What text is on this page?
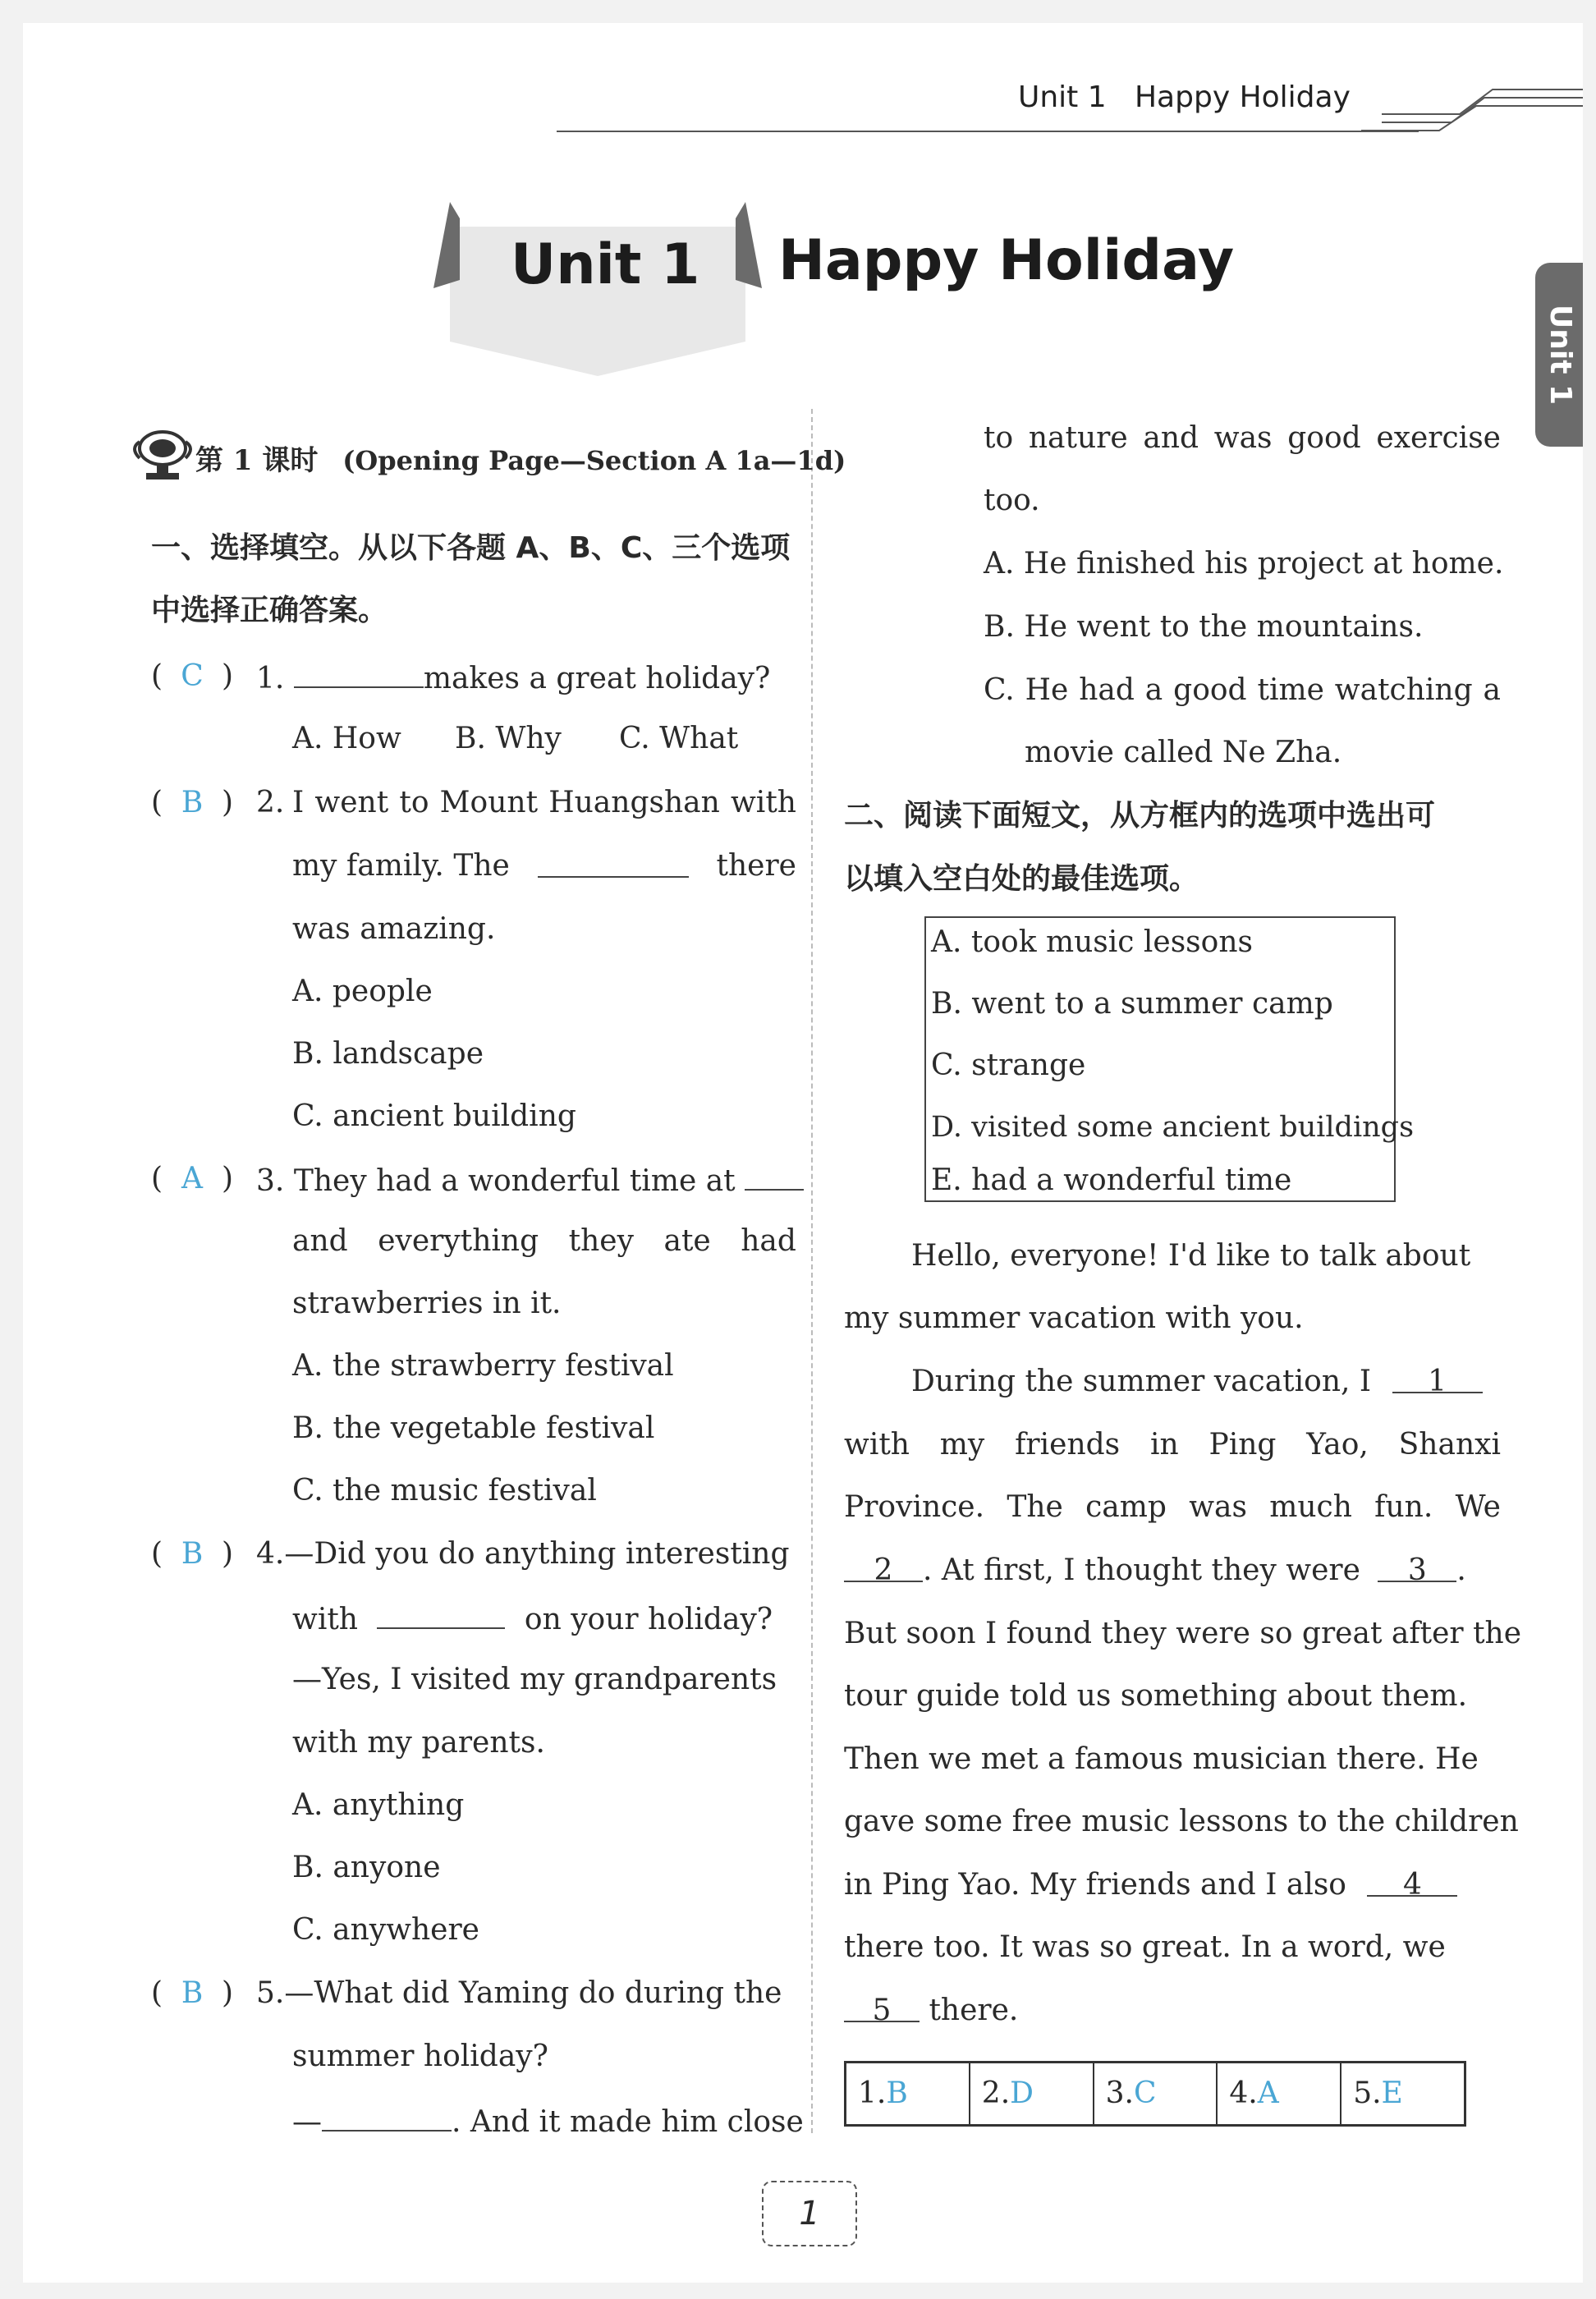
Unit 1 Happy Holiday
Unit 1
Unit 1 Happy Holiday
第 1 课时 (Opening Page—Section A 1a—1d)
一、选择填空。从以下各题 A、B、C、三个选项
中选择正确答案。
( C ) 1.	makes a great holiday?
A. How B. Why C. What
( B ) 2. I went to Mount Huangshan with
my family. The	there
was amazing.
A. people
B. landscape
C. ancient building
( A ) 3. They had a wonderful time at
and everything they ate had
strawberries in it.
A. the strawberry festival
B. the vegetable festival
C. the music festival
( B ) 4.—Did you do anything interesting
with	on your holiday?
—Yes, I visited my grandparents
with my parents.
A. anything
B. anyone
C. anywhere
( B ) 5.—What did Yaming do during the
summer holiday?
—	. And it made him close
to nature and was good exercise
too.
A. He finished his project at home.
B. He went to the mountains.
C. He had a good time watching a
movie called Ne Zha.
二、阅读下面短文，从方框内的选项中选出可
以填入空白处的最佳选项。
A. took music lessons
B. went to a summer camp
C. strange
D. visited some ancient buildings
E. had a wonderful time
Hello, everyone! I'd like to talk about
my summer vacation with you.
During the summer vacation, I 1
with my friends in Ping Yao, Shanxi
Province. The camp was much fun. We
2 . At first, I thought they were 3 .
But soon I found they were so great after the
tour guide told us something about them.
Then we met a famous musician there. He
gave some free music lessons to the children
in Ping Yao. My friends and I also 4
there too. It was so great. In a word, we
5 there.
1.B	2.D	3.C	4.A	5.E
1
